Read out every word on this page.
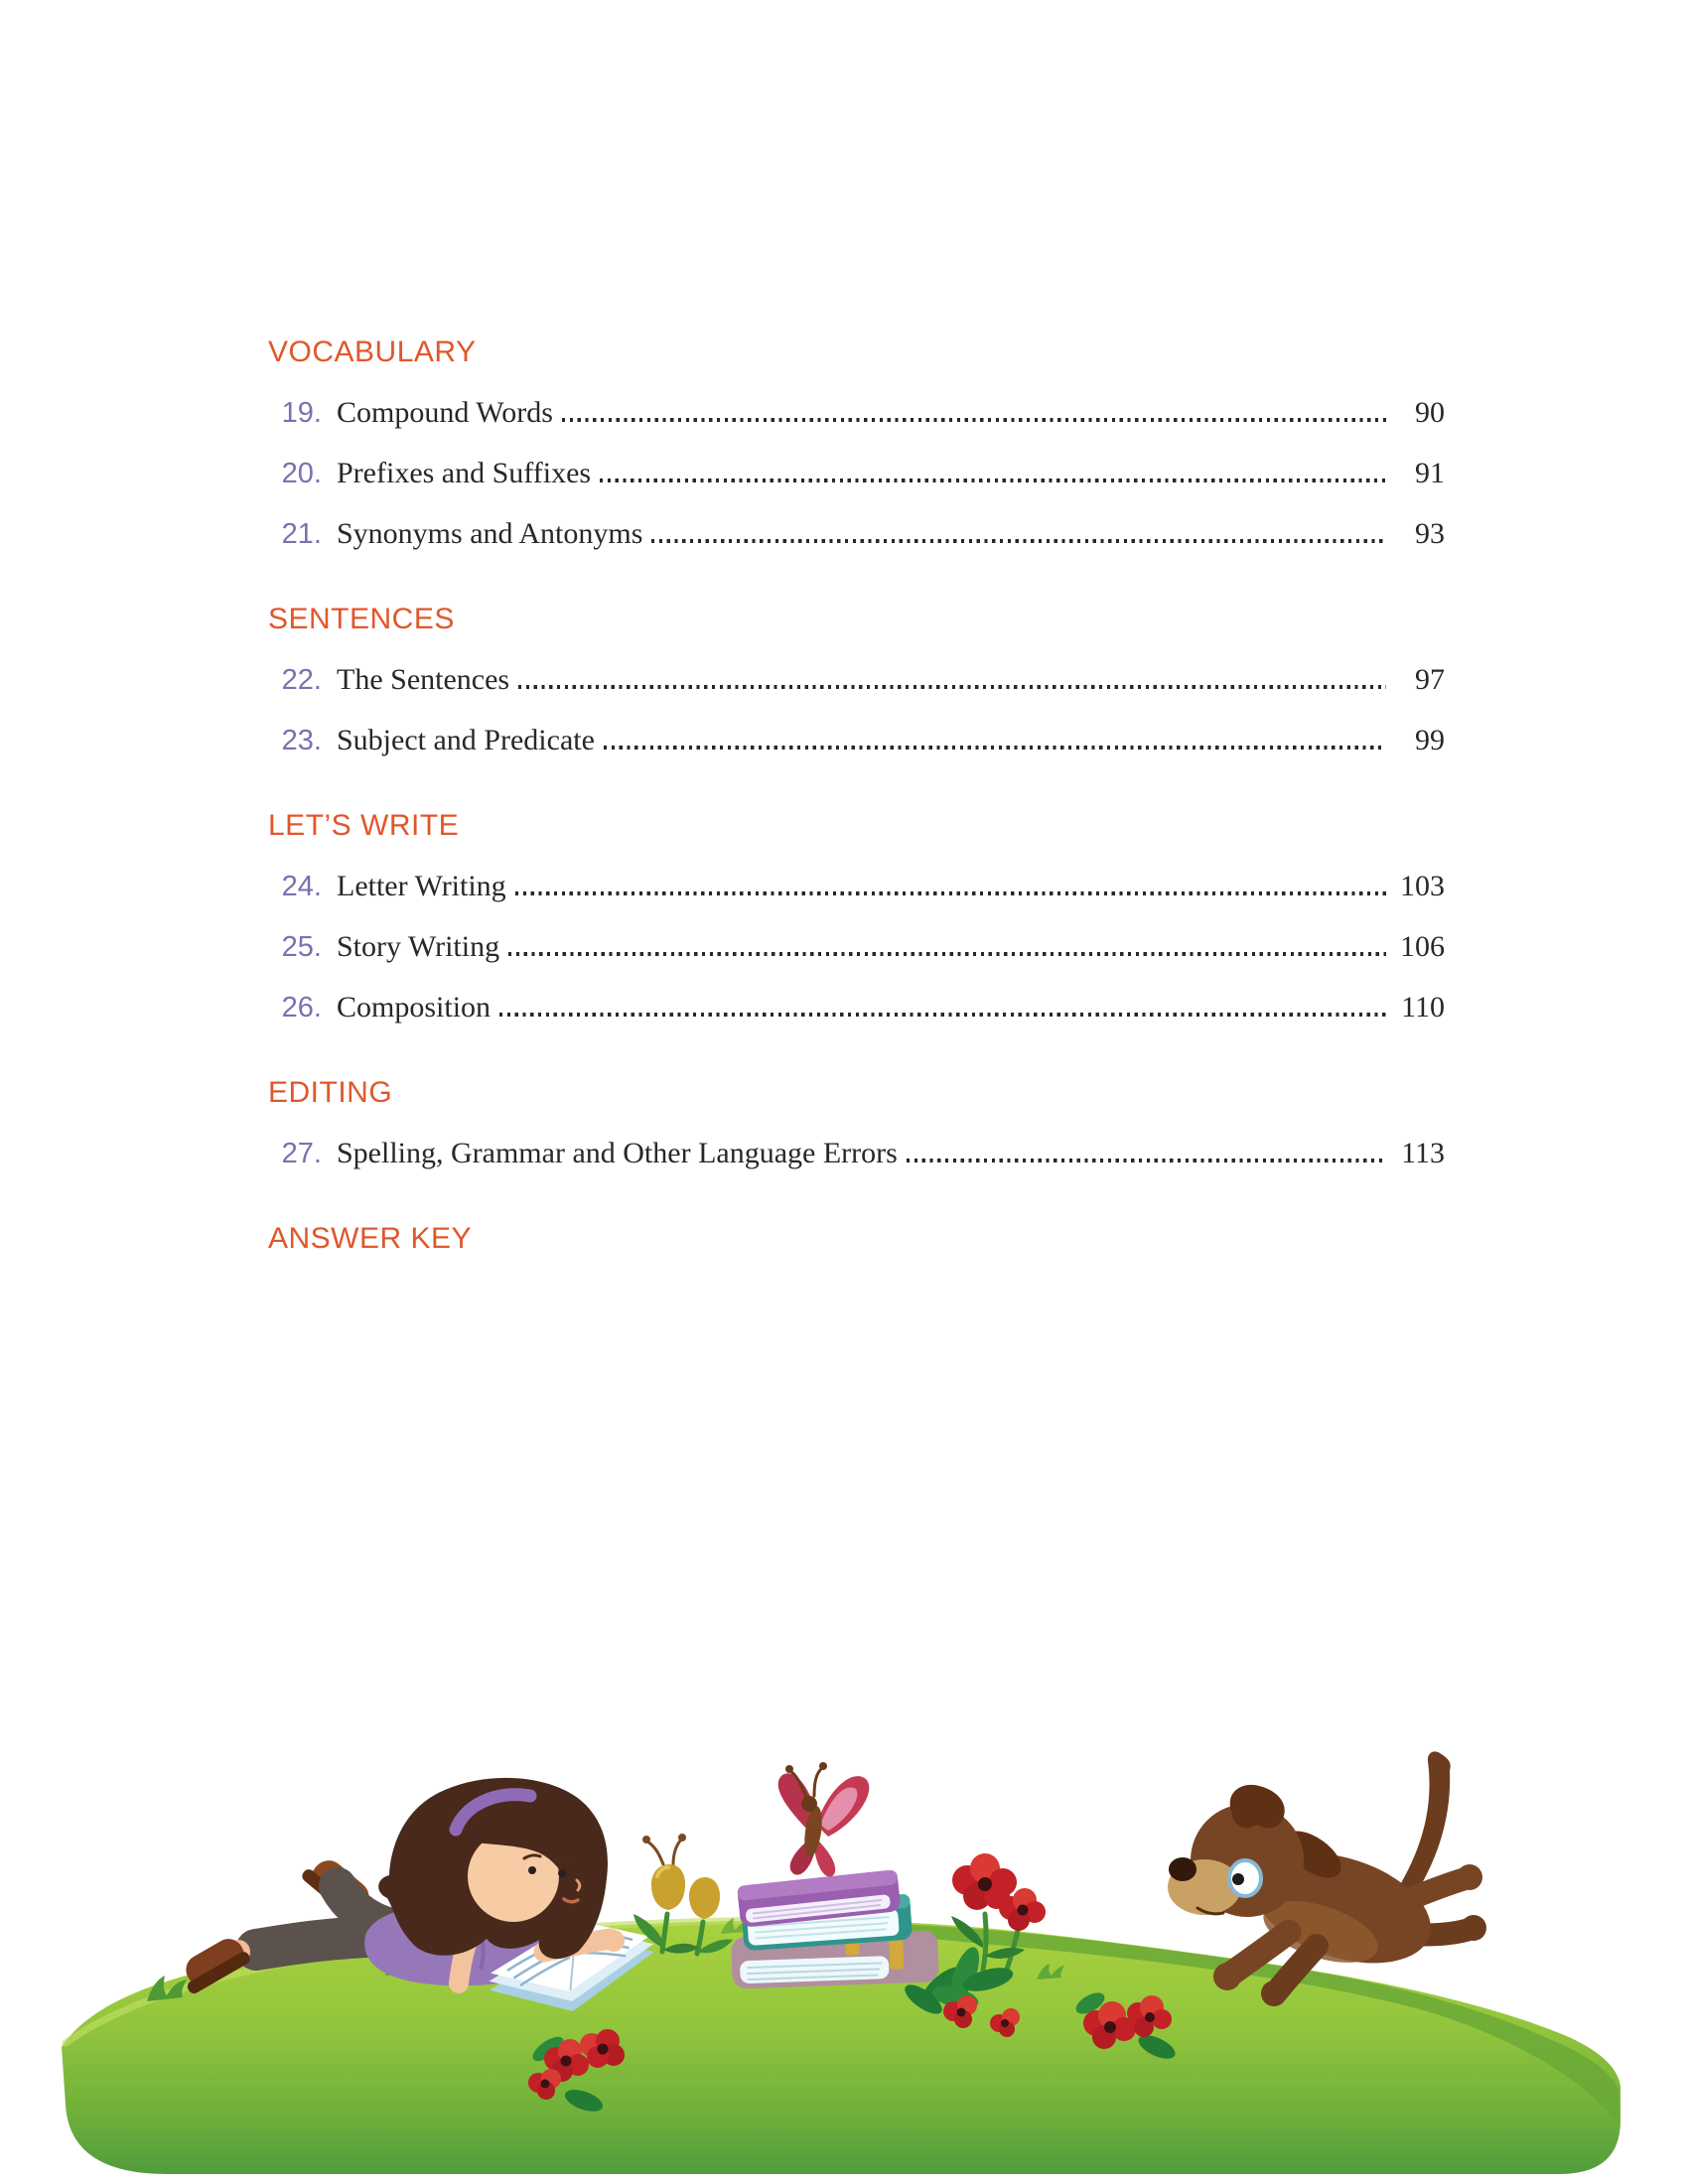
VOCABULARY
19. Compound Words	90
20. Prefixes and Suffixes	91
21. Synonyms and Antonyms	93
SENTENCES
22. The Sentences	97
23. Subject and Predicate	99
LET’S WRITE
24. Letter Writing	103
25. Story Writing	106
26. Composition	110
EDITING
27. Spelling, Grammar and Other Language Errors	113
ANSWER KEY
